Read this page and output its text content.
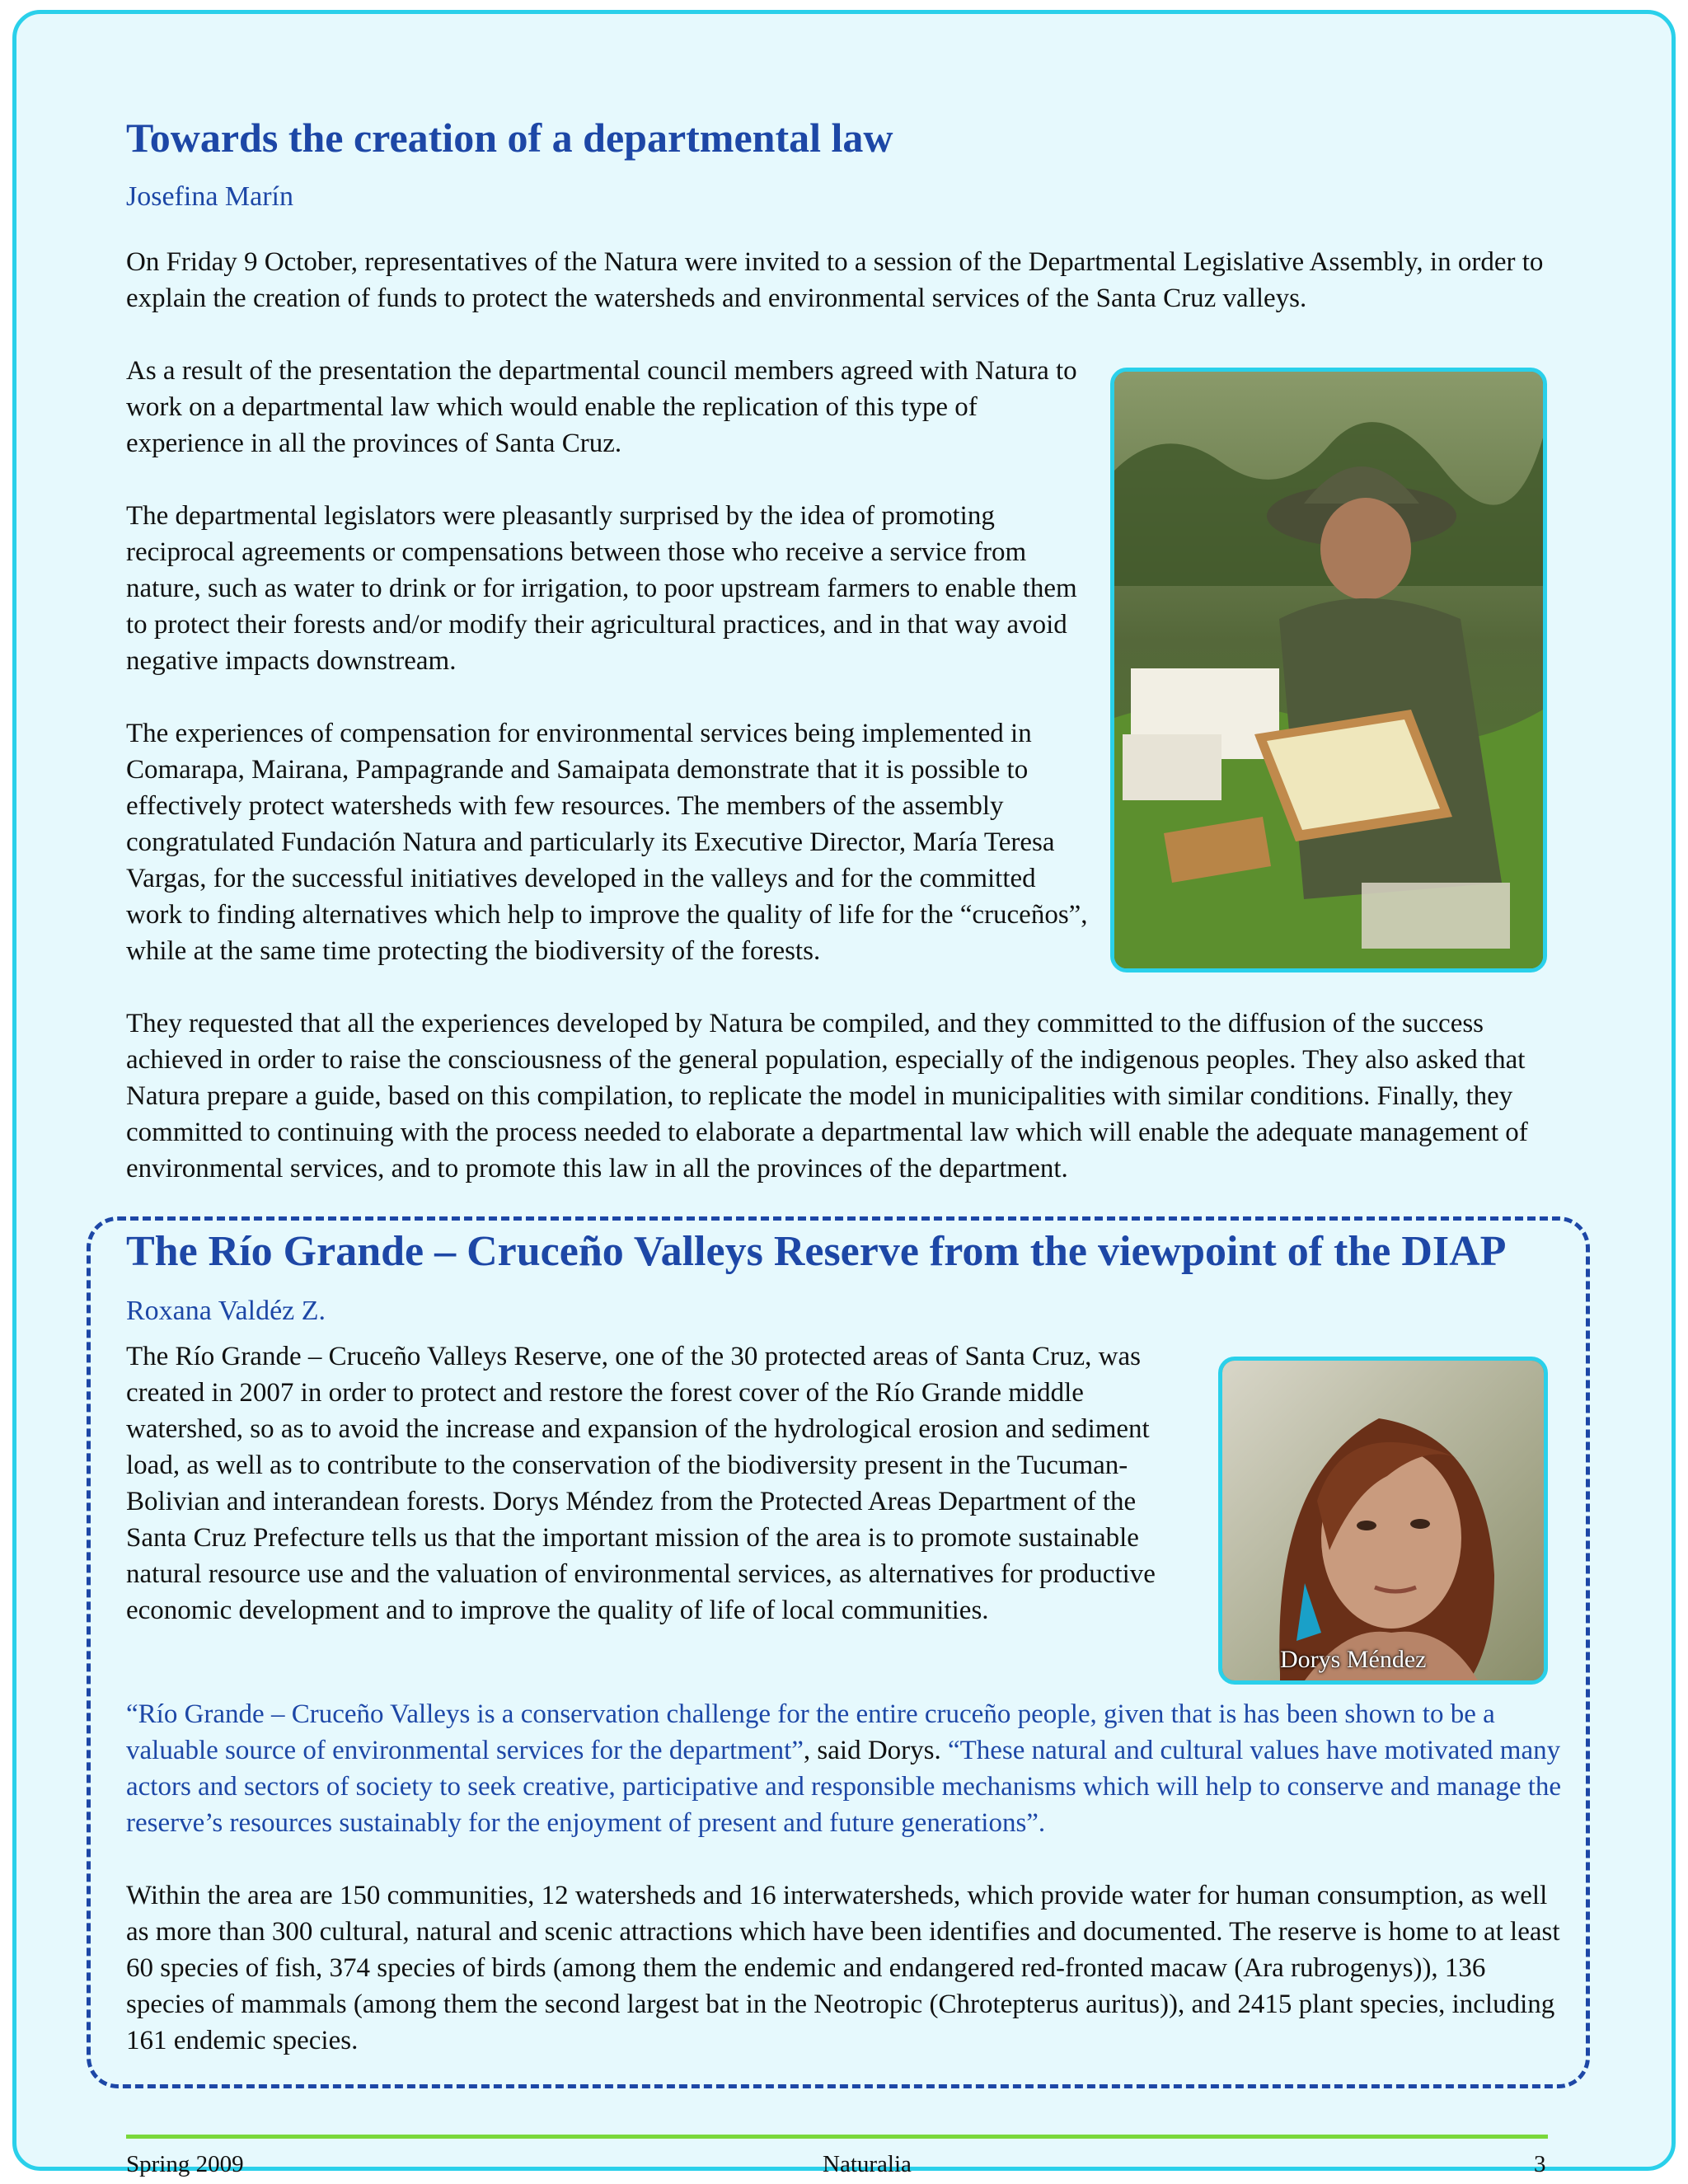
Towards the creation of a departmental law

Josefina Marín

On Friday 9 October, representatives of the Natura were invited to a session of the Departmental Legislative Assembly, in order to explain the creation of funds to protect the watersheds and environmental services of the Santa Cruz valleys.

As a result of the presentation the departmental council members agreed with Natura to work on a departmental law which would enable the replication of this type of experience in all the provinces of Santa Cruz.

The departmental legislators were pleasantly surprised by the idea of promoting reciprocal agreements or compensations between those who receive a service from nature, such as water to drink or for irrigation, to poor upstream farmers to enable them to protect their forests and/or modify their agricultural practices, and in that way avoid negative impacts downstream.

The experiences of compensation for environmental services being implemented in Comarapa, Mairana, Pampagrande and Samaipata demonstrate that it is possible to effectively protect watersheds with few resources. The members of the assembly congratulated Fundación Natura and particularly its Executive Director, María Teresa Vargas, for the successful initiatives developed in the valleys and for the committed work to finding alternatives which help to improve the quality of life for the “cruceños”, while at the same time protecting the biodiversity of the forests.

They requested that all the experiences developed by Natura be compiled, and they committed to the diffusion of the success achieved in order to raise the consciousness of the general population, especially of the indigenous peoples. They also asked that Natura prepare a guide, based on this compilation, to replicate the model in municipalities with similar conditions. Finally, they committed to continuing with the process needed to elaborate a departmental law which will enable the adequate management of environmental services, and to promote this law in all the provinces of the department.

The Río Grande – Cruceño Valleys Reserve from the viewpoint of the DIAP

Roxana Valdéz Z.

The Río Grande – Cruceño Valleys Reserve, one of the 30 protected areas of Santa Cruz, was created in 2007 in order to protect and restore the forest cover of the Río Grande middle watershed, so as to avoid the increase and expansion of the hydrological erosion and sediment load, as well as to contribute to the conservation of the biodiversity present in the Tucuman-Bolivian and interandean forests. Dorys Méndez from the Protected Areas Department of the Santa Cruz Prefecture tells us that the important mission of the area is to promote sustainable natural resource use and the valuation of environmental services, as alternatives for productive economic development and to improve the quality of life of local communities.

Dorys Méndez

“Río Grande – Cruceño Valleys is a conservation challenge for the entire cruceño people, given that is has been shown to be a valuable source of environmental services for the department”, said Dorys. “These natural and cultural values have motivated many actors and sectors of society to seek creative, participative and responsible mechanisms which will help to conserve and manage the reserve’s resources sustainably for the enjoyment of present and future generations”.

Within the area are 150 communities, 12 watersheds and 16 interwatersheds, which provide water for human consumption, as well as more than 300 cultural, natural and scenic attractions which have been identifies and documented. The reserve is home to at least 60 species of fish, 374 species of birds (among them the endemic and endangered red-fronted macaw (Ara rubrogenys)), 136 species of mammals (among them the second largest bat in the Neotropic (Chrotepterus auritus)), and 2415 plant species, including 161 endemic species.

Spring 2009	Naturalia	3
